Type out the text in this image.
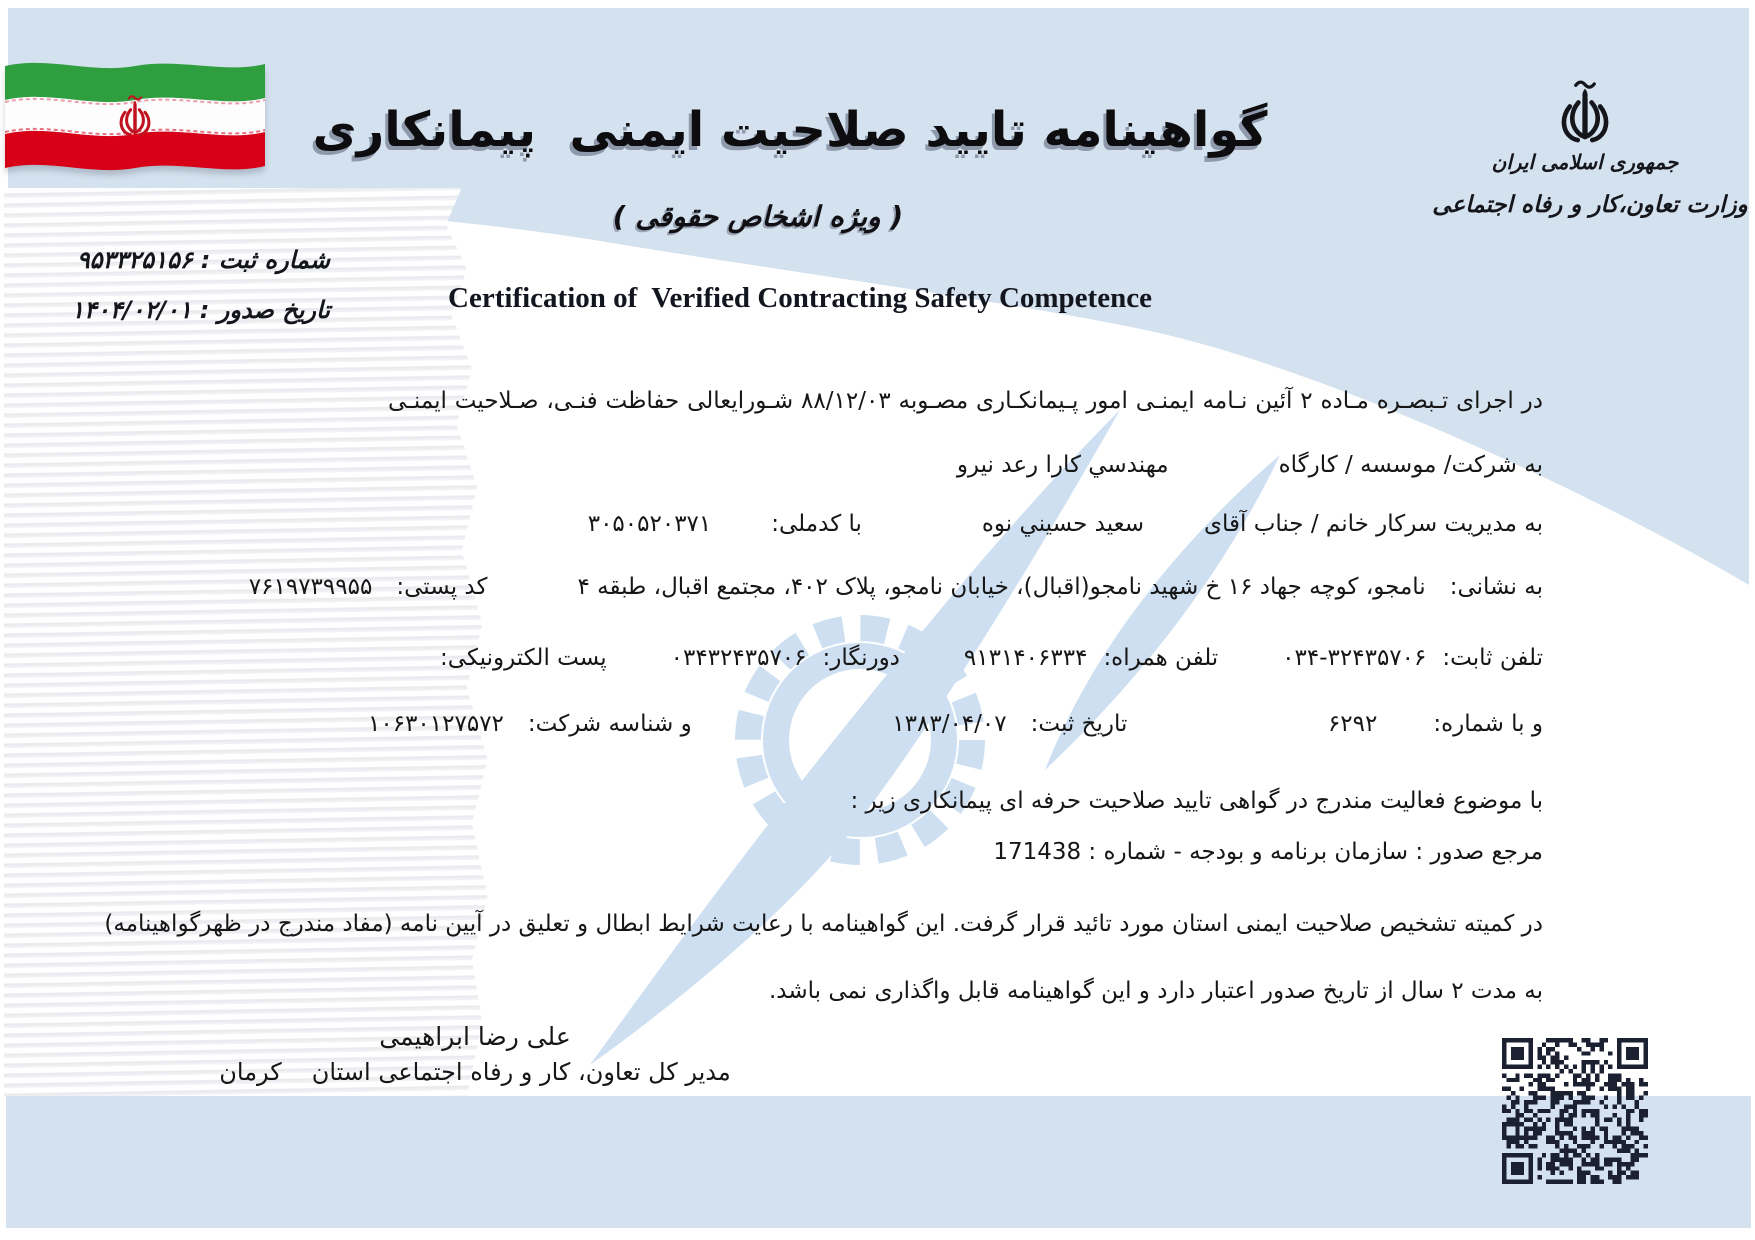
جمهوری اسلامی ایران
وزارت تعاون،کار و رفاه اجتماعی
شماره ثبت :۹۵۳۳۲۵۱۵۶
تاریخ صدور :۱۴۰۴/۰۲/۰۱
گواهینامه تایید صلاحیت ایمنی  پیمانکاری
( ویژه اشخاص حقوقی )
Certification of  Verified Contracting Safety Competence
در اجرای تـبصـره مـاده ۲ آئین نـامه ایمنـی امور پـیمانکـاری مصـوبه ۸۸/۱۲/۰۳ شـورایعالی حفاظت فنـی، صـلاحیت ایمنـی
به شرکت/ موسسه / کارگاه
مهندسي کارا رعد نیرو
به مدیریت سرکار خانم / جناب آقای
سعید حسیني نوه
با کدملی:
۳۰۵۰۵۲۰۳۷۱
به نشانی:
نامجو، کوچه جهاد ۱۶ خ شهید نامجو(اقبال)، خیابان نامجو، پلاک ۴۰۲، مجتمع اقبال، طبقه ۴
کد پستی:
۷۶۱۹۷۳۹۹۵۵
تلفن ثابت:
۰۳۴-۳۲۴۳۵۷۰۶
تلفن همراه:
۹۱۳۱۴۰۶۳۳۴
دورنگار:
۰۳۴۳۲۴۳۵۷۰۶
پست الکترونیکی:
و با شماره:
۶۲۹۲
تاریخ ثبت:
۱۳۸۳/۰۴/۰۷
و شناسه شرکت:
۱۰۶۳۰۱۲۷۵۷۲
با موضوع فعالیت مندرج در گواهی تایید صلاحیت حرفه ای پیمانکاری زیر :
مرجع صدور : سازمان برنامه و بودجه - شماره : 171438
در کمیته تشخیص صلاحیت ایمنی استان مورد تائید قرار گرفت. این گواهینامه با رعایت شرایط ابطال و تعلیق در آیین نامه (مفاد مندرج در ظهرگواهینامه)
به مدت ۲ سال از تاریخ صدور اعتبار دارد و این گواهینامه قابل واگذاری نمی باشد.
علی رضا ابراهیمی
مدیر کل تعاون، کار و رفاه اجتماعی استان
کرمان
